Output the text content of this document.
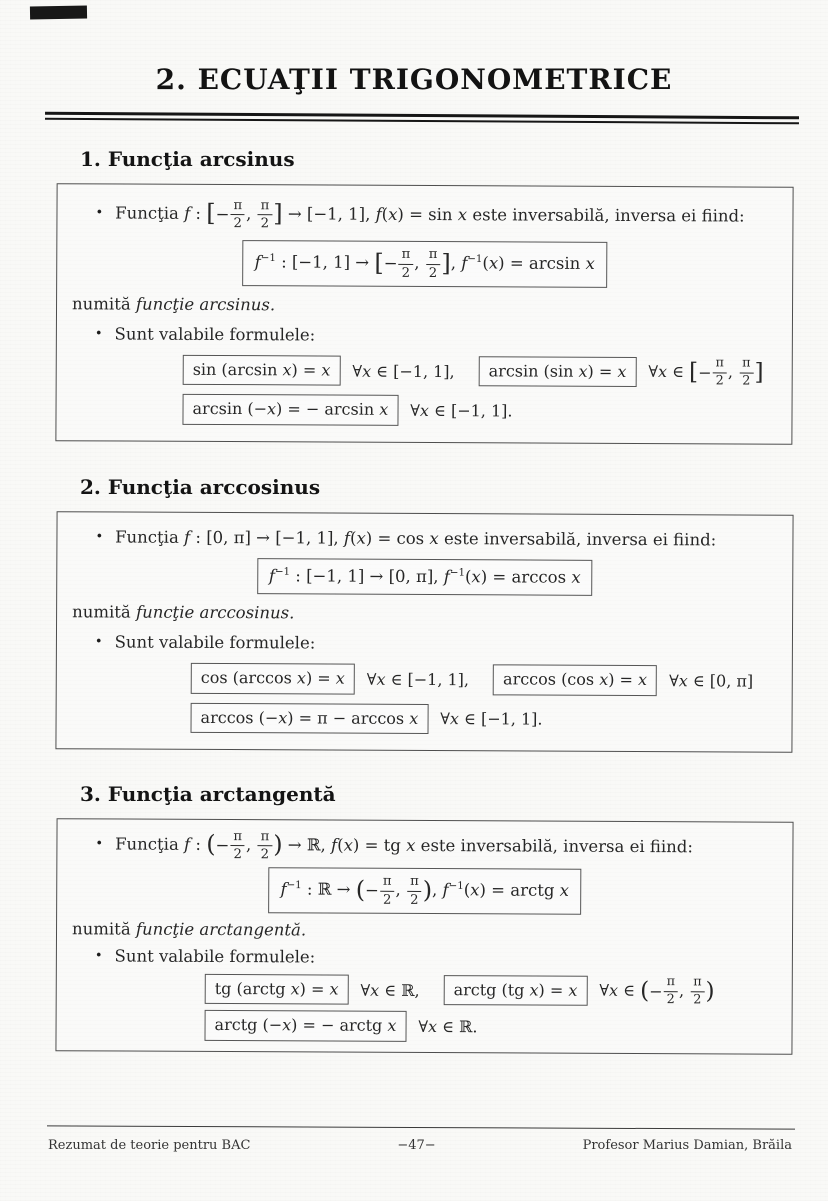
2. ECUAŢII TRIGONOMETRICE
1. Funcţia arcsinus
• Funcţia f : [− $\frac{\pi}{2}$ , $\frac{\pi}{2}$ ] → [−1, 1], f(x) = sin x este inversabilă, inversa ei fiind:
$f^{-1}$ : [−1, 1] → [− $\frac{\pi}{2}$ , $\frac{\pi}{2}$ ], $f^{-1}(x) = \arcsin x$
numită funcţie arcsinus.
• Sunt valabile formulele:
sin (arcsin x) = x	∀x ∈ [−1, 1],	arcsin (sin x) = x	∀x ∈ [− $\frac{\pi}{2}$ , $\frac{\pi}{2}$ ]
arcsin (−x) = − arcsin x	∀x ∈ [−1, 1].
2. Funcţia arccosinus
• Funcţia f : [0, π] → [−1, 1], f(x) = cos x este inversabilă, inversa ei fiind:
$f^{-1}$ : [−1, 1] → [0, π], $f^{-1}(x) = \arccos x$
numită funcţie arccosinus.
• Sunt valabile formulele:
cos (arccos x) = x	∀x ∈ [−1, 1],	arccos (cos x) = x	∀x ∈ [0, π]
arccos (−x) = π − arccos x	∀x ∈ [−1, 1].
3. Funcţia arctangentă
• Funcţia f : (− $\frac{\pi}{2}$ , $\frac{\pi}{2}$ ) → ℝ, f(x) = tg x este inversabilă, inversa ei fiind:
$f^{-1}$ : ℝ → (− $\frac{\pi}{2}$ , $\frac{\pi}{2}$ ), $f^{-1}(x)$ = arctg x
numită funcţie arctangentă.
• Sunt valabile formulele:
tg (arctg x) = x	∀x ∈ ℝ,	arctg (tg x) = x	∀x ∈ (− $\frac{\pi}{2}$ , $\frac{\pi}{2}$ )
arctg (−x) = − arctg x	∀x ∈ ℝ.
Rezumat de teorie pentru BAC	−47−	Profesor Marius Damian, Brăila
